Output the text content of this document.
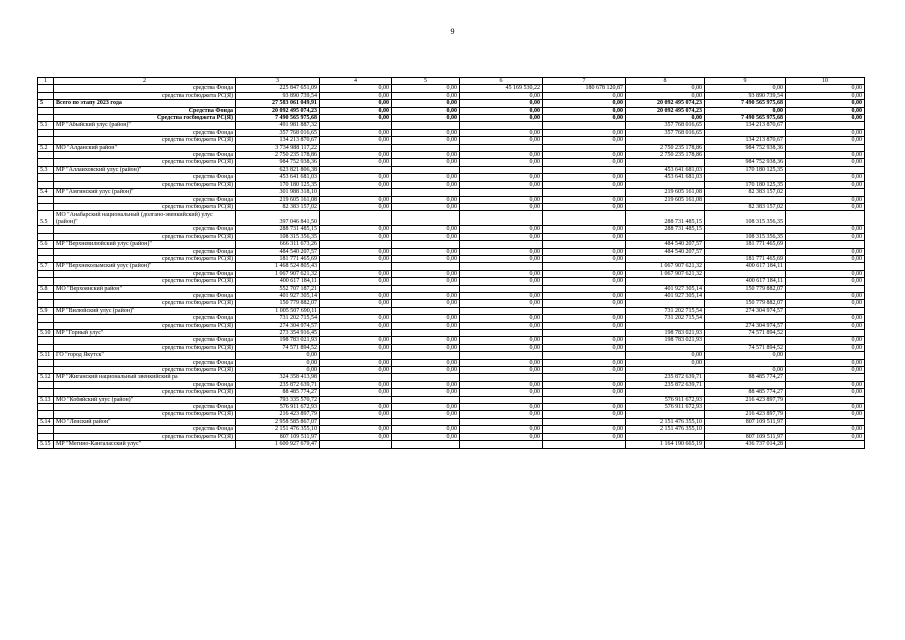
9
1	2	3	4	5	6	7	8	9	10
	средства Фонда	225 847 651,09	0,00	0,00	45 169 530,22	180 678 120,87	0,00	0,00	0,00
	средства госбюджета РС(Я)	93 890 739,54	0,00	0,00	0,00	0,00	0,00	93 890 739,54	0,00
5	Всего по этапу 2023 года	27 583 061 049,91	0,00	0,00	0,00	0,00	20 092 495 074,23	7 490 565 975,68	0,00
	Средства Фонда	20 092 495 074,23	0,00	0,00	0,00	0,00	20 092 495 074,23	0,00	0,00
	Средства госбюджета РС(Я)	7 490 565 975,68	0,00	0,00	0,00	0,00	0,00	7 490 565 975,68	0,00
5.1	МР "Абыйский улус (район)"	491 981 887,32					357 768 016,65	134 213 870,67	
	средства Фонда	357 768 016,65	0,00	0,00	0,00	0,00	357 768 016,65		0,00
	средства госбюджета РС(Я)	134 213 870,67	0,00	0,00	0,00	0,00		134 213 870,67	0,00
5.2	МО "Алданский район"	3 734 988 117,22					2 750 235 178,86	984 752 938,36	
	средства Фонда	2 750 235 178,86	0,00	0,00	0,00	0,00	2 750 235 178,86		0,00
	средства госбюджета РС(Я)	984 752 938,36	0,00	0,00	0,00	0,00		984 752 938,36	0,00
5.3	МР "Аллаиховский улус (район)"	623 821 806,38					453 641 681,03	170 180 125,35	
	средства Фонда	453 641 681,03	0,00	0,00	0,00	0,00	453 641 681,03		0,00
	средства госбюджета РС(Я)	170 180 125,35	0,00	0,00	0,00	0,00		170 180 125,35	0,00
5.4	МР "Амгинский улус (район)"	301 988 318,10					219 605 161,08	82 383 157,02	
	средства Фонда	219 605 161,08	0,00	0,00	0,00	0,00	219 605 161,08		0,00
	средства госбюджета РС(Я)	82 383 157,02	0,00	0,00	0,00	0,00		82 383 157,02	0,00
5.5	МО "Анабарский национальный (долгано-эвенкийский) улус (район)"	397 046 841,50					288 731 485,15	108 315 356,35	
	средства Фонда	288 731 485,15	0,00	0,00	0,00	0,00	288 731 485,15		0,00
	средства госбюджета РС(Я)	108 315 356,35	0,00	0,00	0,00	0,00		108 315 356,35	0,00
5.6	МР "Верхневилюйский улус (район)"	666 311 673,26					484 540 207,57	181 771 465,69	
	средства Фонда	484 540 207,57	0,00	0,00	0,00	0,00	484 540 207,57		0,00
	средства госбюджета РС(Я)	181 771 465,69	0,00	0,00	0,00	0,00		181 771 465,69	0,00
5.7	МР "Верхнеколымский улус (район)"	1 468 524 805,43					1 067 907 621,32	400 617 184,11	
	средства Фонда	1 067 907 621,32	0,00	0,00	0,00	0,00	1 067 907 621,32		0,00
	средства госбюджета РС(Я)	400 617 184,11	0,00	0,00	0,00	0,00		400 617 184,11	0,00
5.8	МО "Верхоянский район"	552 707 187,21					401 927 305,14	150 779 882,07	
	средства Фонда	401 927 305,14	0,00	0,00	0,00	0,00	401 927 305,14		0,00
	средства госбюджета РС(Я)	150 779 882,07	0,00	0,00	0,00	0,00		150 779 882,07	0,00
5.9	МР "Вилюйский улус (район)"	1 005 507 690,11					731 202 715,54	274 304 974,57	
	средства Фонда	731 202 715,54	0,00	0,00	0,00	0,00	731 202 715,54		0,00
	средства госбюджета РС(Я)	274 304 974,57	0,00	0,00	0,00	0,00		274 304 974,57	0,00
5.10	МР "Горный улус"	273 354 916,45					198 783 021,93	74 571 894,52	
	средства Фонда	198 783 021,93	0,00	0,00	0,00	0,00	198 783 021,93		0,00
	средства госбюджета РС(Я)	74 571 894,52	0,00	0,00	0,00	0,00		74 571 894,52	0,00
5.11	ГО "город Якутск"	0,00					0,00	0,00	
	средства Фонда	0,00	0,00	0,00	0,00	0,00	0,00		0,00
	средства госбюджета РС(Я)	0,00	0,00	0,00	0,00	0,00		0,00	0,00
5.12	МР "Жиганский национальный эвенкийский ра	324 358 413,98					235 872 639,71	88 485 774,27	
	средства Фонда	235 872 639,71	0,00	0,00	0,00	0,00	235 872 639,71		0,00
	средства госбюджета РС(Я)	88 485 774,27	0,00	0,00	0,00	0,00		88 485 774,27	0,00
5.13	МО "Кобяйский улус (район)"	793 335 570,72					576 911 672,93	216 423 897,79	
	средства Фонда	576 911 672,93	0,00	0,00	0,00	0,00	576 911 672,93		0,00
	средства госбюджета РС(Я)	216 423 897,79	0,00	0,00	0,00	0,00		216 423 897,79	0,00
5.14	МО "Ленский район"	2 958 585 867,07					2 151 476 355,10	807 109 511,97	
	средства Фонда	2 151 476 355,10	0,00	0,00	0,00	0,00	2 151 476 355,10		0,00
	средства госбюджета РС(Я)	807 109 511,97	0,00	0,00	0,00	0,00		807 109 511,97	0,00
5.15	МР "Мегино-Кангаласский улус"	1 600 927 679,47					1 164 190 665,19	436 737 014,28	
